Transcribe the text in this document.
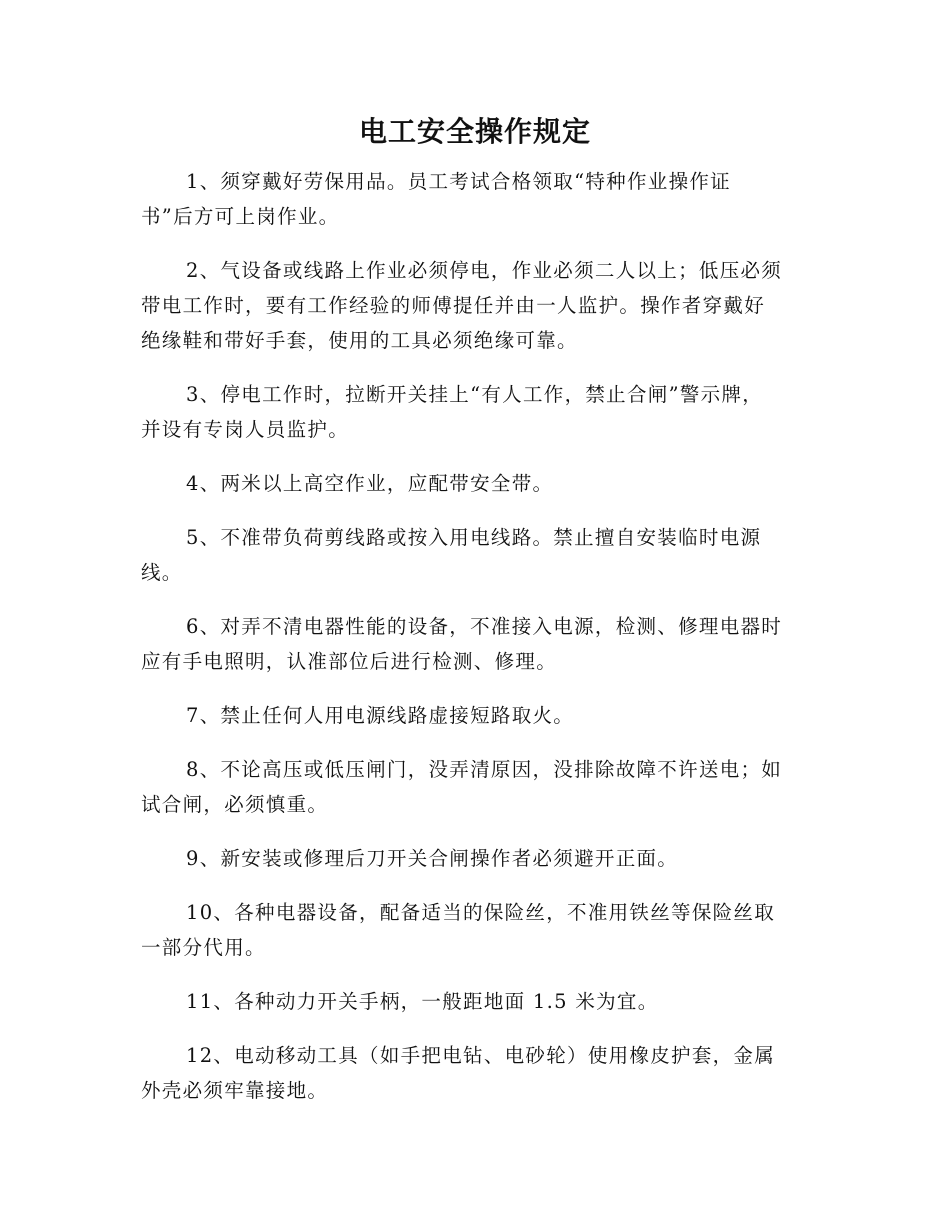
电工安全操作规定

1、须穿戴好劳保用品。员工考试合格领取“特种作业操作证
书”后方可上岗作业。

2、气设备或线路上作业必须停电，作业必须二人以上；低压必须
带电工作时，要有工作经验的师傅提任并由一人监护。操作者穿戴好
绝缘鞋和带好手套，使用的工具必须绝缘可靠。

3、停电工作时，拉断开关挂上“有人工作，禁止合闸”警示牌，
并设有专岗人员监护。

4、两米以上高空作业，应配带安全带。

5、不准带负荷剪线路或按入用电线路。禁止擅自安装临时电源
线。

6、对弄不清电器性能的设备，不准接入电源，检测、修理电器时
应有手电照明，认准部位后进行检测、修理。

7、禁止任何人用电源线路虚接短路取火。

8、不论高压或低压闸门，没弄清原因，没排除故障不许送电；如
试合闸，必须慎重。

9、新安装或修理后刀开关合闸操作者必须避开正面。

10、各种电器设备，配备适当的保险丝，不准用铁丝等保险丝取
一部分代用。

11、各种动力开关手柄，一般距地面 1.5 米为宜。

12、电动移动工具（如手把电钻、电砂轮）使用橡皮护套，金属
外壳必须牢靠接地。
